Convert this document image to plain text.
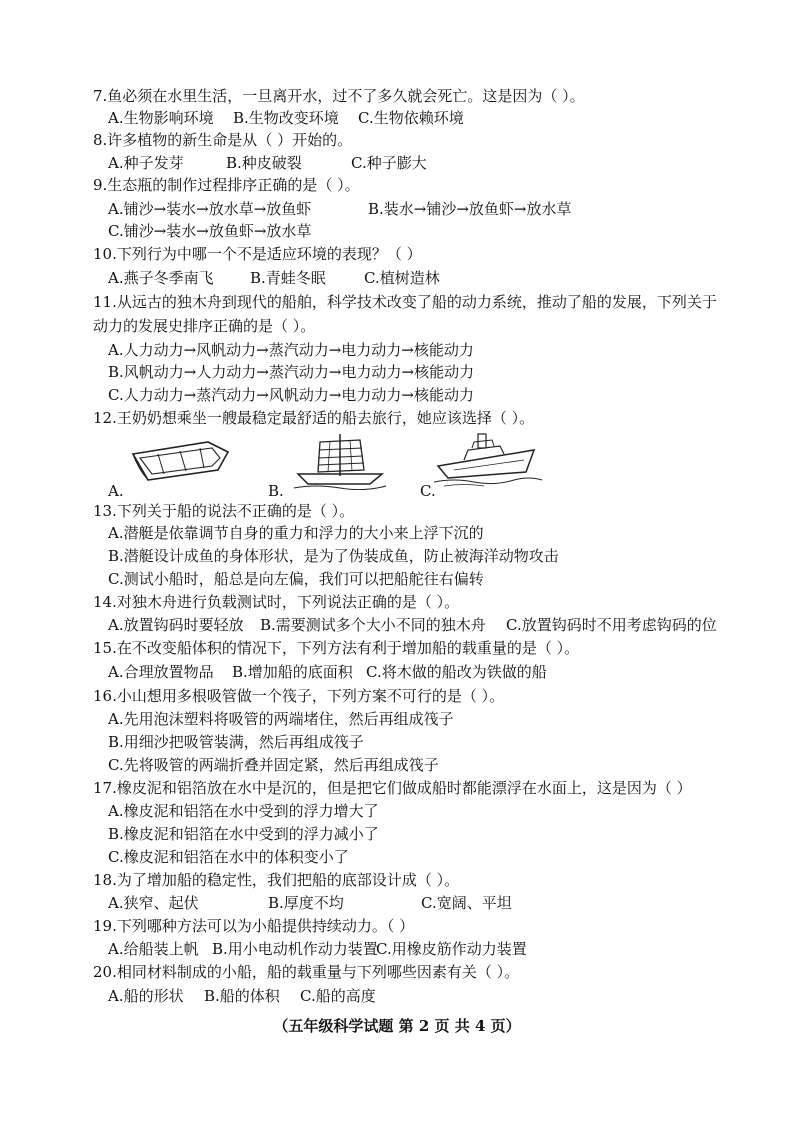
7.鱼必须在水里生活，一旦离开水，过不了多久就会死亡。这是因为（ ）。
A.生物影响环境 B.生物改变环境 C.生物依赖环境
8.许多植物的新生命是从（ ）开始的。
A.种子发芽	B.种皮破裂	C.种子膨大
9.生态瓶的制作过程排序正确的是（ ）。
A.铺沙→装水→放水草→放鱼虾	B.装水→铺沙→放鱼虾→放水草
C.铺沙→装水→放鱼虾→放水草
10.下列行为中哪一个不是适应环境的表现？（ ）
A.燕子冬季南飞 B.青蛙冬眠	C.植树造林
11.从远古的独木舟到现代的船舶，科学技术改变了船的动力系统，推动了船的发展，下列关于
动力的发展史排序正确的是（ ）。
A.人力动力→风帆动力→蒸汽动力→电力动力→核能动力
B.风帆动力→人力动力→蒸汽动力→电力动力→核能动力
C.人力动力→蒸汽动力→风帆动力→电力动力→核能动力
12.王奶奶想乘坐一艘最稳定最舒适的船去旅行，她应该选择（ ）。
A.	B.	C.
13.下列关于船的说法不正确的是（ ）。
A.潜艇是依靠调节自身的重力和浮力的大小来上浮下沉的
B.潜艇设计成鱼的身体形状，是为了伪装成鱼，防止被海洋动物攻击
C.测试小船时，船总是向左偏，我们可以把船舵往右偏转
14.对独木舟进行负载测试时，下列说法正确的是（ ）。
A.放置钩码时要轻放 B.需要测试多个大小不同的独木舟 C.放置钩码时不用考虑钩码的位
15.在不改变船体积的情况下，下列方法有利于增加船的载重量的是（ ）。
A.合理放置物品 B.增加船的底面积 C.将木做的船改为铁做的船
16.小山想用多根吸管做一个筏子，下列方案不可行的是（ ）。
A.先用泡沫塑料将吸管的两端堵住，然后再组成筏子
B.用细沙把吸管装满，然后再组成筏子
C.先将吸管的两端折叠并固定紧，然后再组成筏子
17.橡皮泥和铝箔放在水中是沉的，但是把它们做成船时都能漂浮在水面上，这是因为（ ）
A.橡皮泥和铝箔在水中受到的浮力增大了
B.橡皮泥和铝箔在水中受到的浮力减小了
C.橡皮泥和铝箔在水中的体积变小了
18.为了增加船的稳定性，我们把船的底部设计成（ ）。
A.狭窄、起伏	B.厚度不均	C.宽阔、平坦
19.下列哪种方法可以为小船提供持续动力。（ ）
A.给船装上帆 B.用小电动机作动力装置
C.用橡皮筋作动力装置
20.相同材料制成的小船，船的载重量与下列哪些因素有关（ ）。
A.船的形状 B.船的体积 C.船的高度
（五年级科学试题 第 2 页 共 4 页）
